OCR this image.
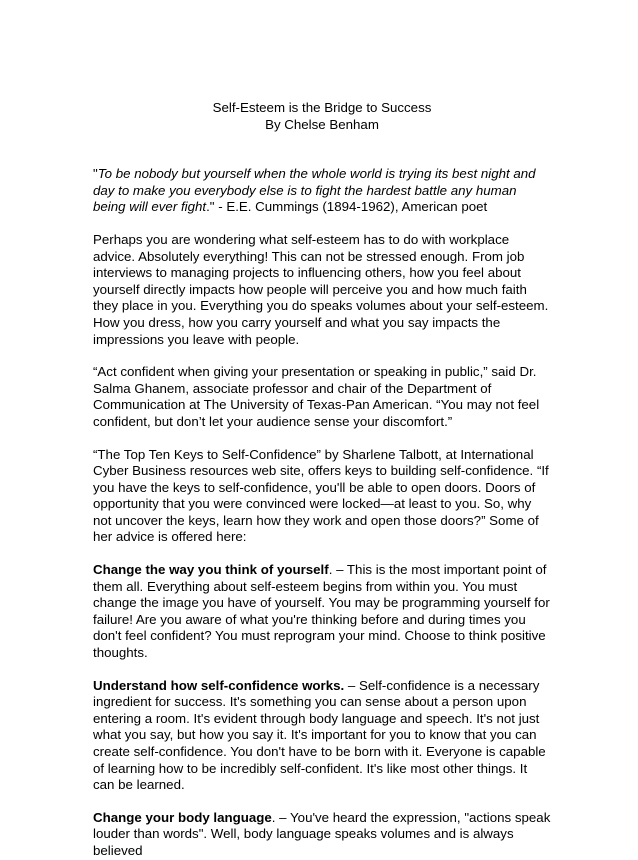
Self-Esteem is the Bridge to Success
By Chelse Benham
"To be nobody but yourself when the whole world is trying its best night and day to make you everybody else is to fight the hardest battle any human being will ever fight." - E.E. Cummings (1894-1962), American poet

Perhaps you are wondering what self-esteem has to do with workplace advice. Absolutely everything! This can not be stressed enough. From job interviews to managing projects to influencing others, how you feel about yourself directly impacts how people will perceive you and how much faith they place in you. Everything you do speaks volumes about your self-esteem. How you dress, how you carry yourself and what you say impacts the impressions you leave with people.

“Act confident when giving your presentation or speaking in public,” said Dr. Salma Ghanem, associate professor and chair of the Department of Communication at The University of Texas-Pan American. “You may not feel confident, but don’t let your audience sense your discomfort.”

“The Top Ten Keys to Self-Confidence” by Sharlene Talbott, at International Cyber Business resources web site, offers keys to building self-confidence. “If you have the keys to self-confidence, you'll be able to open doors. Doors of opportunity that you were convinced were locked—at least to you. So, why not uncover the keys, learn how they work and open those doors?” Some of her advice is offered here:

Change the way you think of yourself. – This is the most important point of them all. Everything about self-esteem begins from within you. You must change the image you have of yourself. You may be programming yourself for failure! Are you aware of what you're thinking before and during times you don't feel confident? You must reprogram your mind. Choose to think positive thoughts.

Understand how self-confidence works. – Self-confidence is a necessary ingredient for success. It's something you can sense about a person upon entering a room. It's evident through body language and speech. It's not just what you say, but how you say it. It's important for you to know that you can create self-confidence. You don't have to be born with it. Everyone is capable of learning how to be incredibly self-confident. It's like most other things. It can be learned.

Change your body language. – You've heard the expression, "actions speak louder than words". Well, body language speaks volumes and is always believed
